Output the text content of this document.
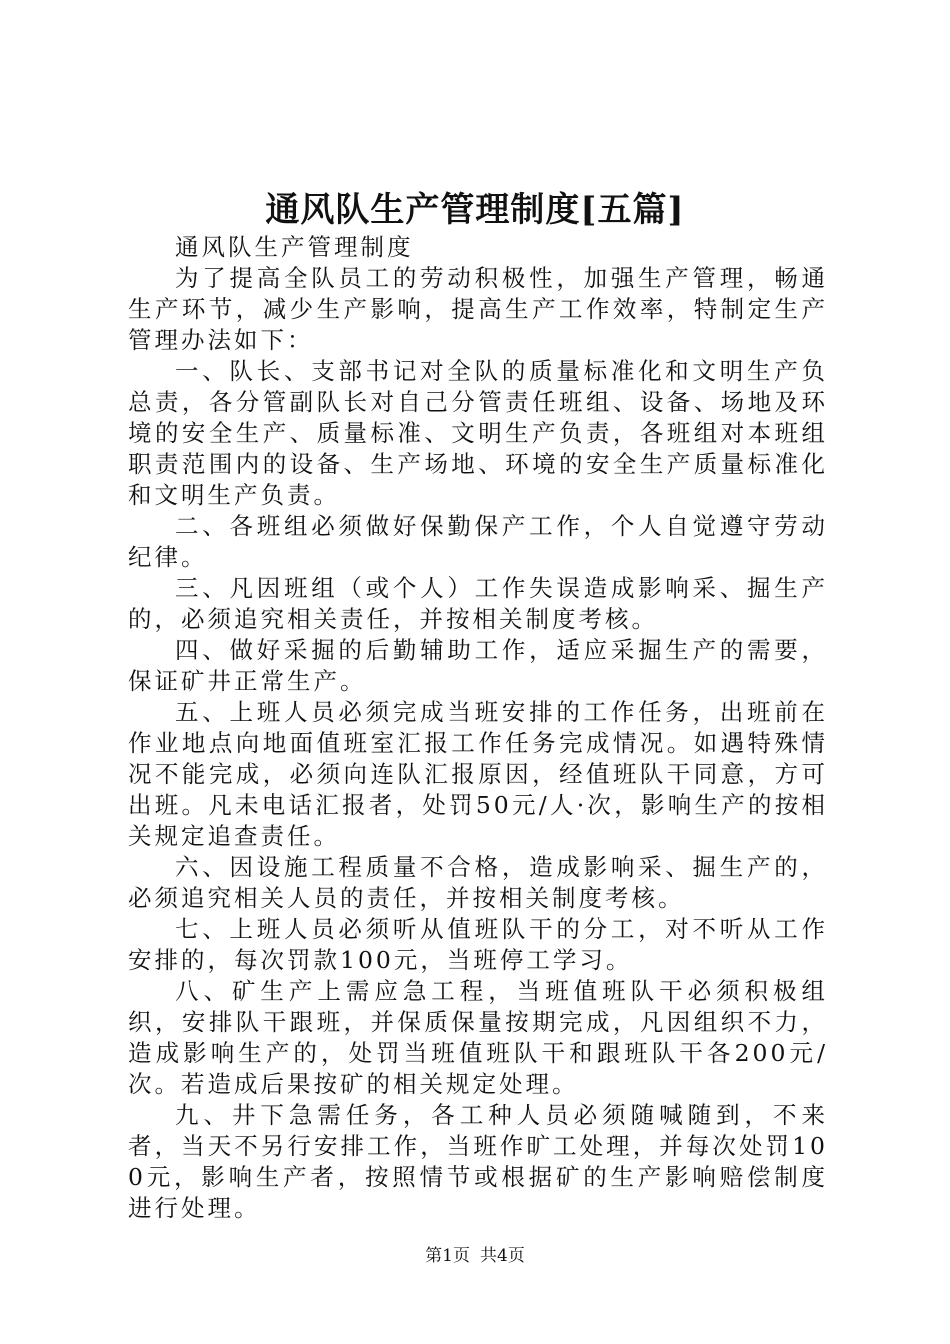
通风队生产管理制度[五篇]

通风队生产管理制度

为了提高全队员工的劳动积极性，加强生产管理，畅通生产环节，减少生产影响，提高生产工作效率，特制定生产管理办法如下：

一、队长、支部书记对全队的质量标准化和文明生产负总责，各分管副队长对自己分管责任班组、设备、场地及环境的安全生产、质量标准、文明生产负责，各班组对本班组职责范围内的设备、生产场地、环境的安全生产质量标准化和文明生产负责。

二、各班组必须做好保勤保产工作，个人自觉遵守劳动纪律。

三、凡因班组（或个人）工作失误造成影响采、掘生产的，必须追究相关责任，并按相关制度考核。

四、做好采掘的后勤辅助工作，适应采掘生产的需要，保证矿井正常生产。

五、上班人员必须完成当班安排的工作任务，出班前在作业地点向地面值班室汇报工作任务完成情况。如遇特殊情况不能完成，必须向连队汇报原因，经值班队干同意，方可出班。凡未电话汇报者，处罚50元/人·次，影响生产的按相关规定追查责任。

六、因设施工程质量不合格，造成影响采、掘生产的，必须追究相关人员的责任，并按相关制度考核。

七、上班人员必须听从值班队干的分工，对不听从工作安排的，每次罚款100元，当班停工学习。

八、矿生产上需应急工程，当班值班队干必须积极组织，安排队干跟班，并保质保量按期完成，凡因组织不力，造成影响生产的，处罚当班值班队干和跟班队干各200元/次。若造成后果按矿的相关规定处理。

九、井下急需任务，各工种人员必须随喊随到，不来者，当天不另行安排工作，当班作旷工处理，并每次处罚100元，影响生产者，按照情节或根据矿的生产影响赔偿制度进行处理。

第1页 共4页
